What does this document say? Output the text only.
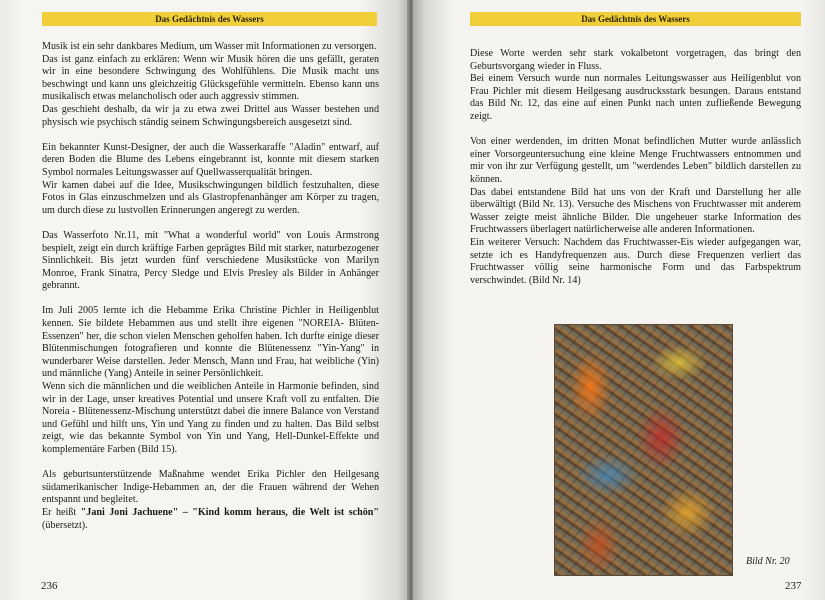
Das Gedächtnis des Wassers

Musik ist ein sehr dankbares Medium, um Wasser mit Informationen zu versorgen.

Das ist ganz einfach zu erklären: Wenn wir Musik hören die uns gefällt, geraten wir in eine besondere Schwingung des Wohlfühlens. Die Musik macht uns beschwingt und kann uns gleichzeitig Glücksgefühle vermitteln. Ebenso kann uns musikalisch etwas melancholisch oder auch aggressiv stimmen.

Das geschieht deshalb, da wir ja zu etwa zwei Drittel aus Wasser bestehen und physisch wie psychisch ständig seinem Schwingungsbereich ausgesetzt sind.

Ein bekannter Kunst-Designer, der auch die Wasserkaraffe "Aladin" entwarf, auf deren Boden die Blume des Lebens eingebrannt ist, konnte mit diesem starken Symbol normales Leitungswasser auf Quellwasserqualität bringen.

Wir kamen dabei auf die Idee, Musikschwingungen bildlich festzuhalten, diese Fotos in Glas einzuschmelzen und als Glastropfenanhänger am Körper zu tragen, um durch diese zu lustvollen Erinnerungen angeregt zu werden.

Das Wasserfoto Nr.11, mit "What a wonderful world" von Louis Armstrong bespielt, zeigt ein durch kräftige Farben geprägtes Bild mit starker, naturbezogener Sinnlichkeit. Bis jetzt wurden fünf verschiedene Musikstücke von Marilyn Monroe, Frank Sinatra, Percy Sledge und Elvis Presley als Bilder in Anhänger gebrannt.

Im Juli 2005 lernte ich die Hebamme Erika Christine Pichler in Heiligenblut kennen. Sie bildete Hebammen aus und stellt ihre eigenen "NOREIA- Blüten-Essenzen" her, die schon vielen Menschen geholfen haben. Ich durfte einige dieser Blütenmischungen fotografieren und konnte die Blütenessenz "Yin-Yang" in wunderbarer Weise darstellen. Jeder Mensch, Mann und Frau, hat weibliche (Yin) und männliche (Yang) Anteile in seiner Persönlichkeit.

Wenn sich die männlichen und die weiblichen Anteile in Harmonie befinden, sind wir in der Lage, unser kreatives Potential und unsere Kraft voll zu entfalten. Die Noreia - Blütenessenz-Mischung unterstützt dabei die innere Balance von Verstand und Gefühl und hilft uns, Yin und Yang zu finden und zu halten. Das Bild selbst zeigt, wie das bekannte Symbol von Yin und Yang, Hell-Dunkel-Effekte und komplementäre Farben (Bild 15).

Als geburtsunterstützende Maßnahme wendet Erika Pichler den Heilgesang südamerikanischer Indige-Hebammen an, der die Frauen während der Wehen entspannt und begleitet.

Er heißt "Jani Joni Jachuene" – "Kind komm heraus, die Welt ist schön" (übersetzt).

236
Das Gedächtnis des Wassers

Diese Worte werden sehr stark vokalbetont vorgetragen, das bringt den Geburtsvorgang wieder in Fluss.

Bei einem Versuch wurde nun normales Leitungswasser aus Heiligenblut von Frau Pichler mit diesem Heilgesang ausdrucksstark besungen. Daraus entstand das Bild Nr. 12, das eine auf einen Punkt nach unten zufließende Bewegung zeigt.

Von einer werdenden, im dritten Monat befindlichen Mutter wurde anlässlich einer Vorsorgeuntersuchung eine kleine Menge Fruchtwassers entnommen und mir von ihr zur Verfügung gestellt, um "werdendes Leben" bildlich darstellen zu können.

Das dabei entstandene Bild hat uns von der Kraft und Darstellung her alle überwältigt (Bild Nr. 13). Versuche des Mischens von Fruchtwasser mit anderem Wasser zeigte meist ähnliche Bilder. Die ungeheuer starke Information des Fruchtwassers überlagert natürlicherweise alle anderen Informationen.

Ein weiterer Versuch: Nachdem das Fruchtwasser-Eis wieder aufgegangen war, setzte ich es Handyfrequenzen aus. Durch diese Frequenzen verliert das Fruchtwasser völlig seine harmonische Form und das Farbspektrum verschwindet. (Bild Nr. 14)

Bild Nr. 20
237
